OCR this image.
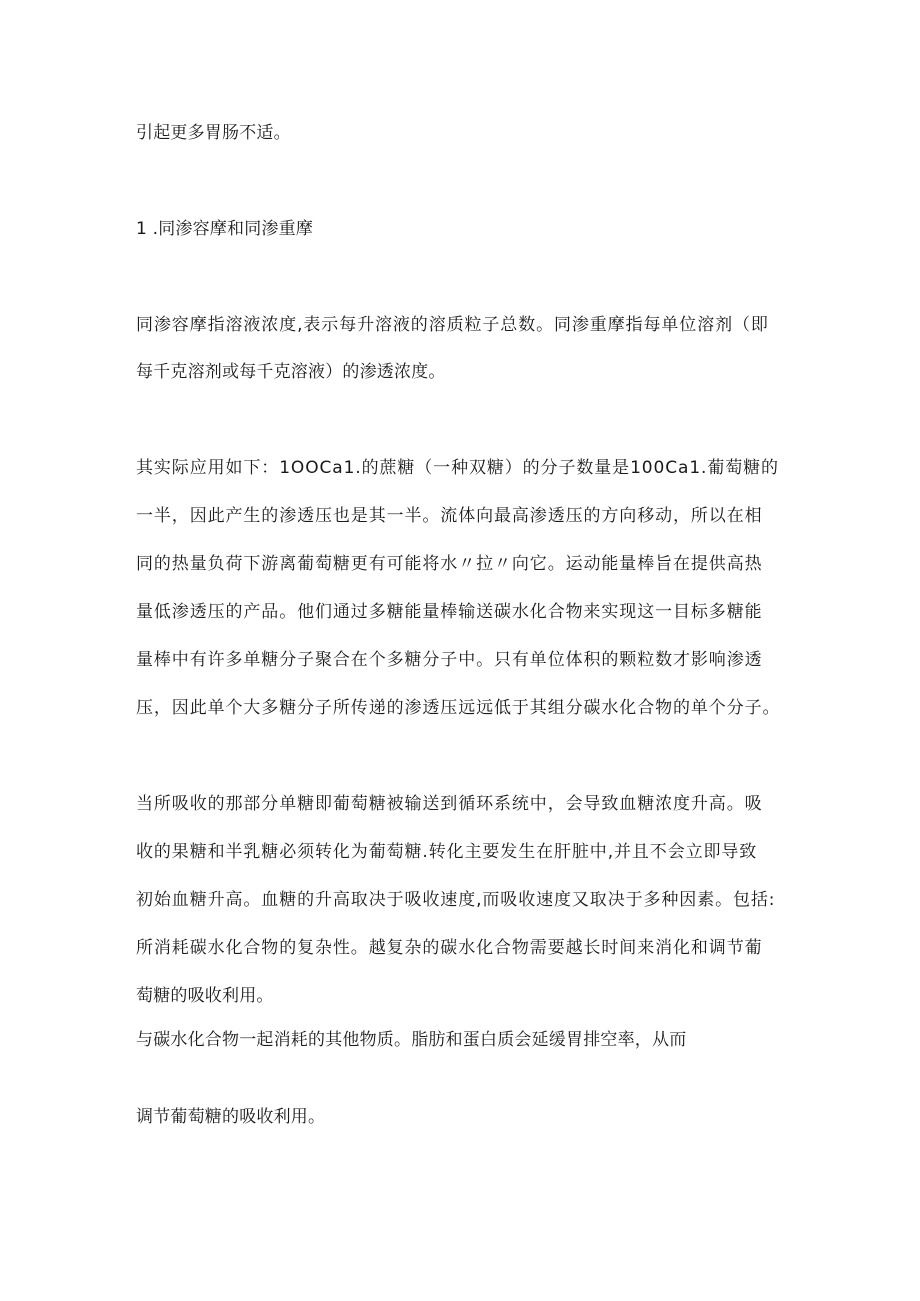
引起更多胃肠不适。
1 .同渗容摩和同渗重摩
同渗容摩指溶液浓度,表示每升溶液的溶质粒子总数。同渗重摩指每单位溶剂（即
每千克溶剂或每千克溶液）的渗透浓度。
其实际应用如下：1OOCa1.的蔗糖（一种双糖）的分子数量是100Ca1.葡萄糖的
一半，因此产生的渗透压也是其一半。流体向最高渗透压的方向移动，所以在相
同的热量负荷下游离葡萄糖更有可能将水〃拉〃向它。运动能量棒旨在提供高热
量低渗透压的产品。他们通过多糖能量棒输送碳水化合物来实现这一目标多糖能
量棒中有许多单糖分子聚合在个多糖分子中。只有单位体积的颗粒数才影响渗透
压，因此单个大多糖分子所传递的渗透压远远低于其组分碳水化合物的单个分子。
当所吸收的那部分单糖即葡萄糖被输送到循环系统中，会导致血糖浓度升高。吸
收的果糖和半乳糖必须转化为葡萄糖.转化主要发生在肝脏中,并且不会立即导致
初始血糖升高。血糖的升高取决于吸收速度,而吸收速度又取决于多种因素。包括:
所消耗碳水化合物的复杂性。越复杂的碳水化合物需要越长时间来消化和调节葡
萄糖的吸收利用。
与碳水化合物一起消耗的其他物质。脂肪和蛋白质会延缓胃排空率，从而
调节葡萄糖的吸收利用。
